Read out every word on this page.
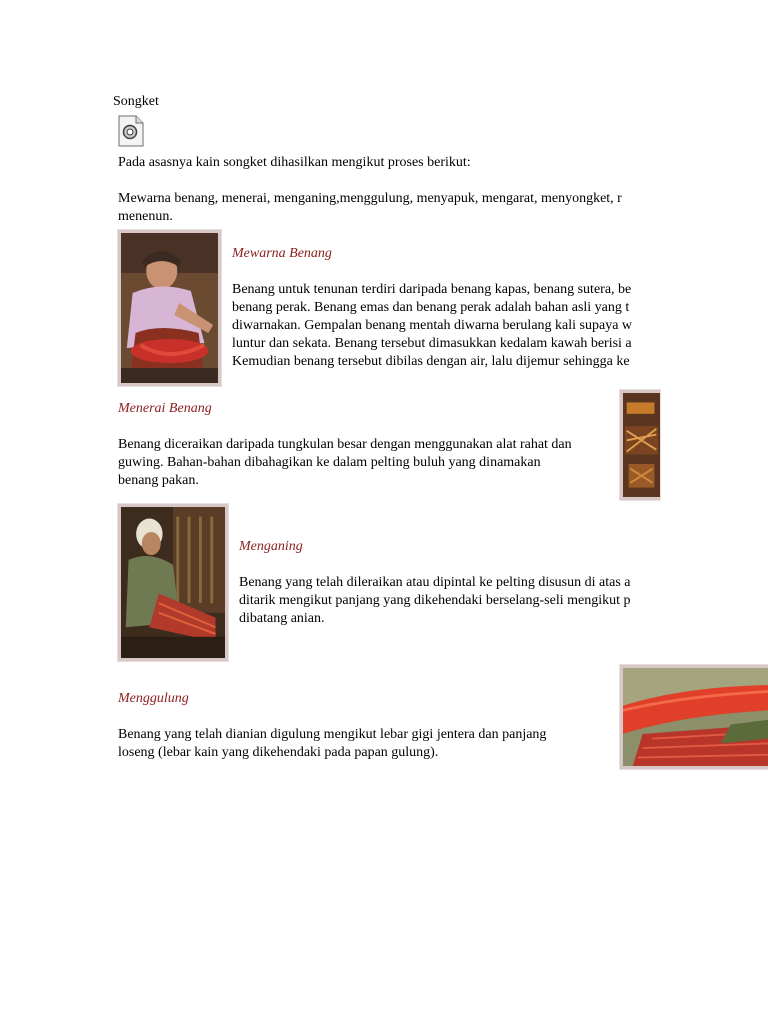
Songket

Pada asasnya kain songket dihasilkan mengikut proses berikut:

Mewarna benang, menerai, menganing,menggulung, menyapuk, mengarat, menyongket, r

menenun.

Mewarna Benang

Benang untuk tenunan terdiri daripada benang kapas, benang sutera, be

benang perak. Benang emas dan benang perak adalah bahan asli yang t

diwarnakan. Gempalan benang mentah diwarna berulang kali supaya w

luntur dan sekata. Benang tersebut dimasukkan kedalam kawah berisi a

Kemudian benang tersebut dibilas dengan air, lalu dijemur sehingga ke

Menerai Benang

Benang diceraikan daripada tungkulan besar dengan menggunakan alat rahat dan

guwing. Bahan-bahan dibahagikan ke dalam pelting buluh yang dinamakan

benang pakan.

Menganing

Benang yang telah dileraikan atau dipintal ke pelting disusun di atas a

ditarik mengikut panjang yang dikehendaki berselang-seli mengikut p

dibatang anian.

Menggulung

Benang yang telah dianian digulung mengikut lebar gigi jentera dan panjang

loseng (lebar kain yang dikehendaki pada papan gulung).
